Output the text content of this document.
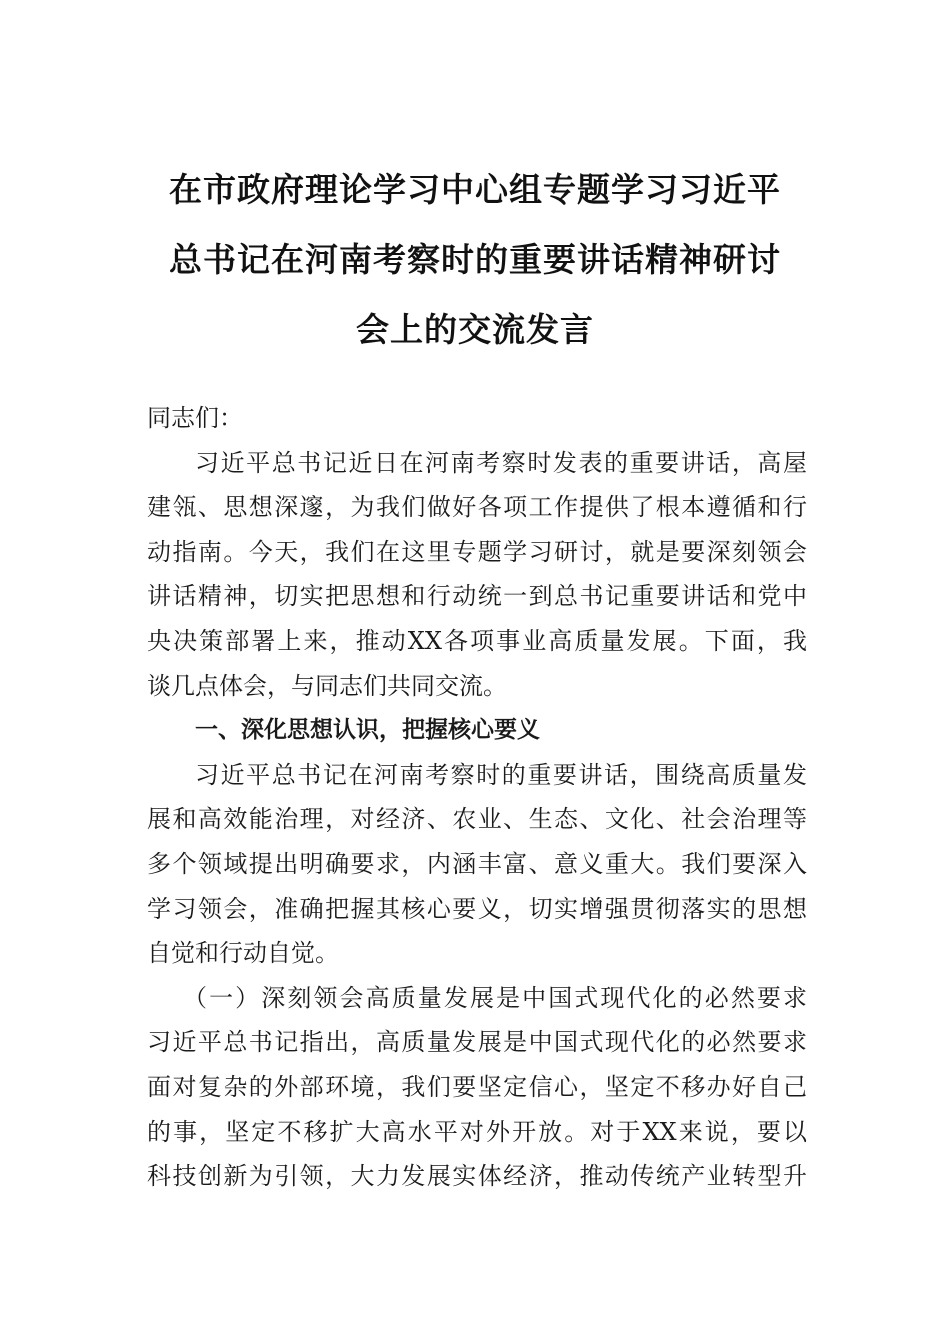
在市政府理论学习中心组专题学习习近平
总书记在河南考察时的重要讲话精神研讨
会上的交流发言
同志们：
习近平总书记近日在河南考察时发表的重要讲话，高屋
建瓴、思想深邃，为我们做好各项工作提供了根本遵循和行
动指南。今天，我们在这里专题学习研讨，就是要深刻领会
讲话精神，切实把思想和行动统一到总书记重要讲话和党中
央决策部署上来，推动XX各项事业高质量发展。下面，我
谈几点体会，与同志们共同交流。
一、深化思想认识，把握核心要义
习近平总书记在河南考察时的重要讲话，围绕高质量发
展和高效能治理，对经济、农业、生态、文化、社会治理等
多个领域提出明确要求，内涵丰富、意义重大。我们要深入
学习领会，准确把握其核心要义，切实增强贯彻落实的思想
自觉和行动自觉。
（一）深刻领会高质量发展是中国式现代化的必然要求
习近平总书记指出，高质量发展是中国式现代化的必然要求
面对复杂的外部环境，我们要坚定信心，坚定不移办好自己
的事，坚定不移扩大高水平对外开放。对于XX来说，要以
科技创新为引领，大力发展实体经济，推动传统产业转型升
